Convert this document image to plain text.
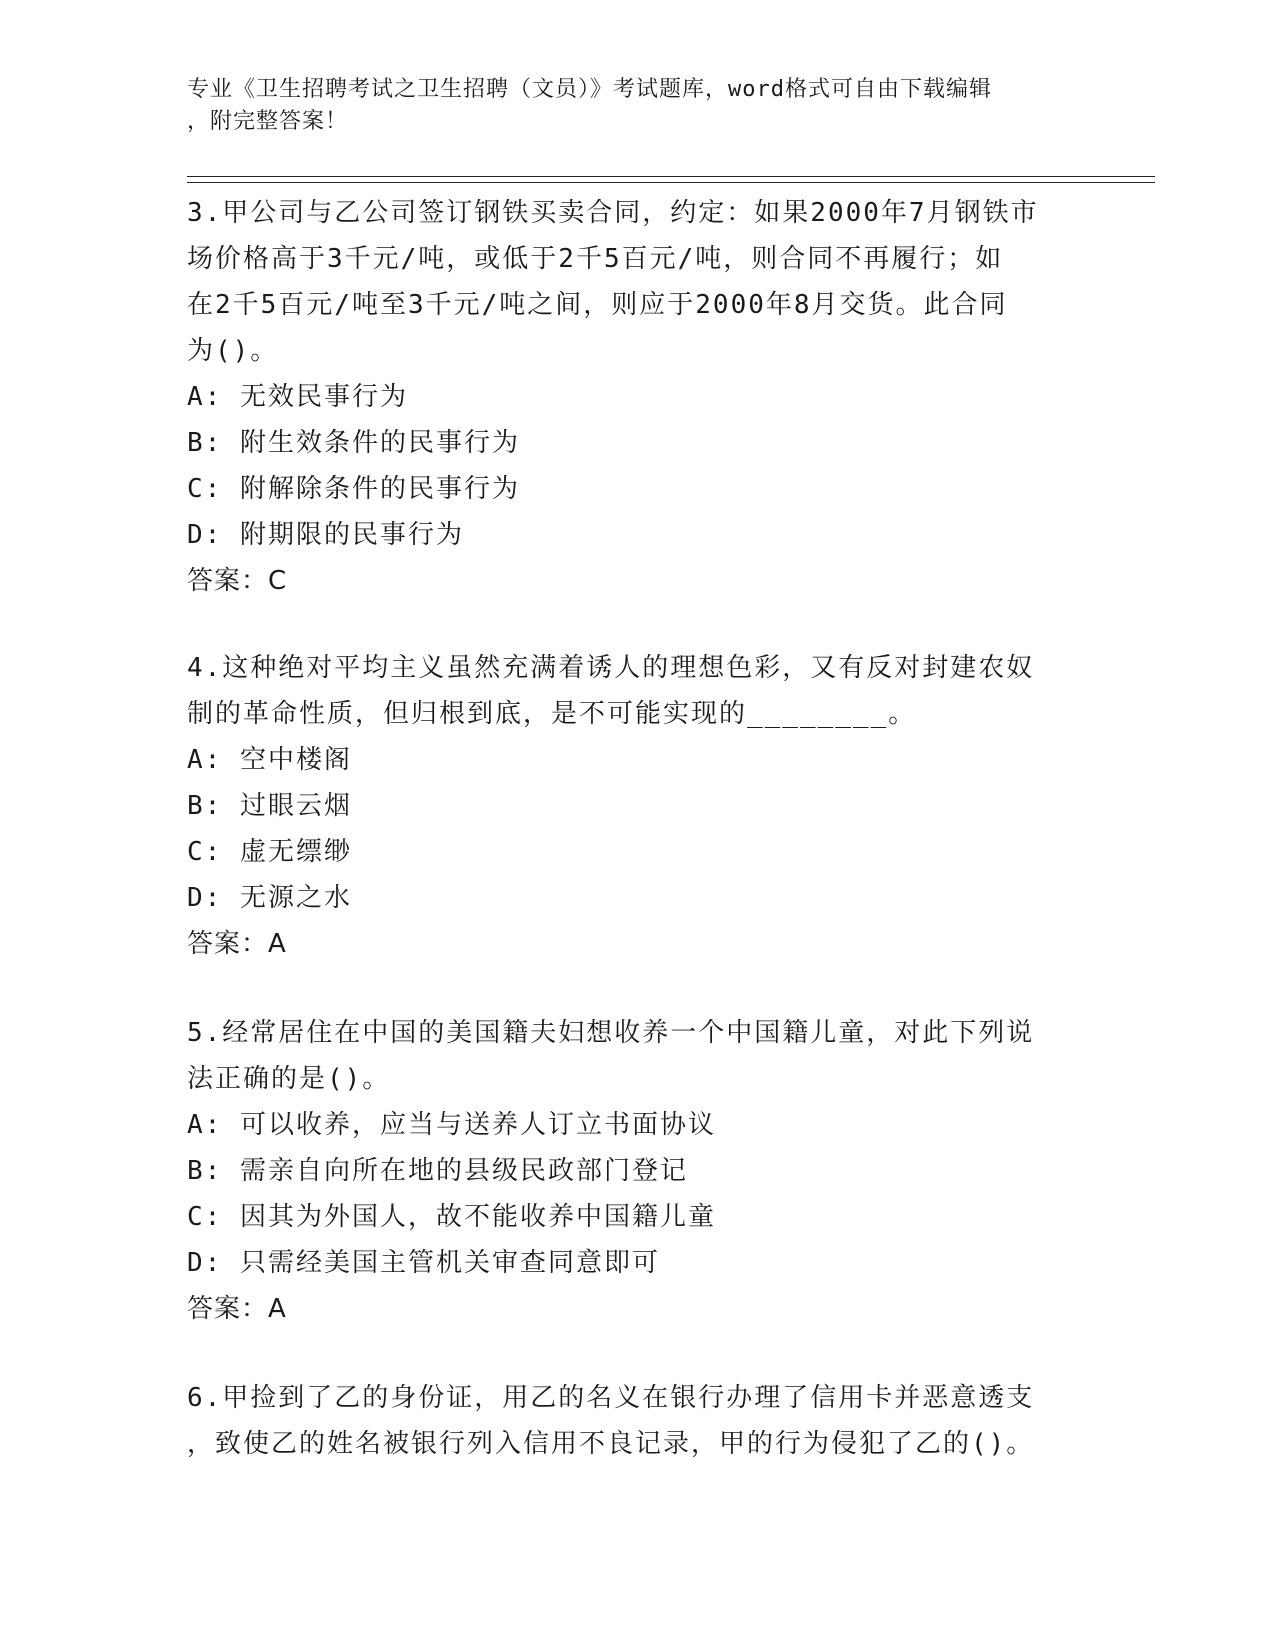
专业《卫生招聘考试之卫生招聘（文员）》考试题库，word格式可自由下载编辑
，附完整答案！
3.甲公司与乙公司签订钢铁买卖合同，约定：如果2000年7月钢铁市
场价格高于3千元/吨，或低于2千5百元/吨，则合同不再履行；如
在2千5百元/吨至3千元/吨之间，则应于2000年8月交货。此合同
为()。
A: 无效民事行为
B: 附生效条件的民事行为
C: 附解除条件的民事行为
D: 附期限的民事行为
答案：C
4.这种绝对平均主义虽然充满着诱人的理想色彩，又有反对封建农奴
制的革命性质，但归根到底，是不可能实现的________。
A: 空中楼阁
B: 过眼云烟
C: 虚无缥缈
D: 无源之水
答案：A
5.经常居住在中国的美国籍夫妇想收养一个中国籍儿童，对此下列说
法正确的是()。
A: 可以收养，应当与送养人订立书面协议
B: 需亲自向所在地的县级民政部门登记
C: 因其为外国人，故不能收养中国籍儿童
D: 只需经美国主管机关审查同意即可
答案：A
6.甲捡到了乙的身份证，用乙的名义在银行办理了信用卡并恶意透支
，致使乙的姓名被银行列入信用不良记录，甲的行为侵犯了乙的()。
